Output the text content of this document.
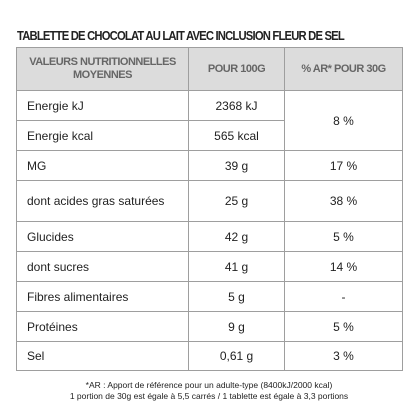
TABLETTE DE CHOCOLAT AU LAIT AVEC INCLUSION FLEUR DE SEL
VALEURS NUTRITIONNELLES MOYENNES	POUR 100G	% AR* POUR 30G
Energie kJ	2368 kJ	8 %
Energie kcal	565 kcal	
MG	39 g	17 %
dont acides gras saturées	25 g	38 %
Glucides	42 g	5 %
dont sucres	41 g	14 %
Fibres alimentaires	5 g	-
Protéines	9 g	5 %
Sel	0,61 g	3 %
*AR : Apport de référence pour un adulte-type (8400kJ/2000 kcal)
1 portion de 30g est égale à 5,5 carrés / 1 tablette est égale à 3,3 portions
